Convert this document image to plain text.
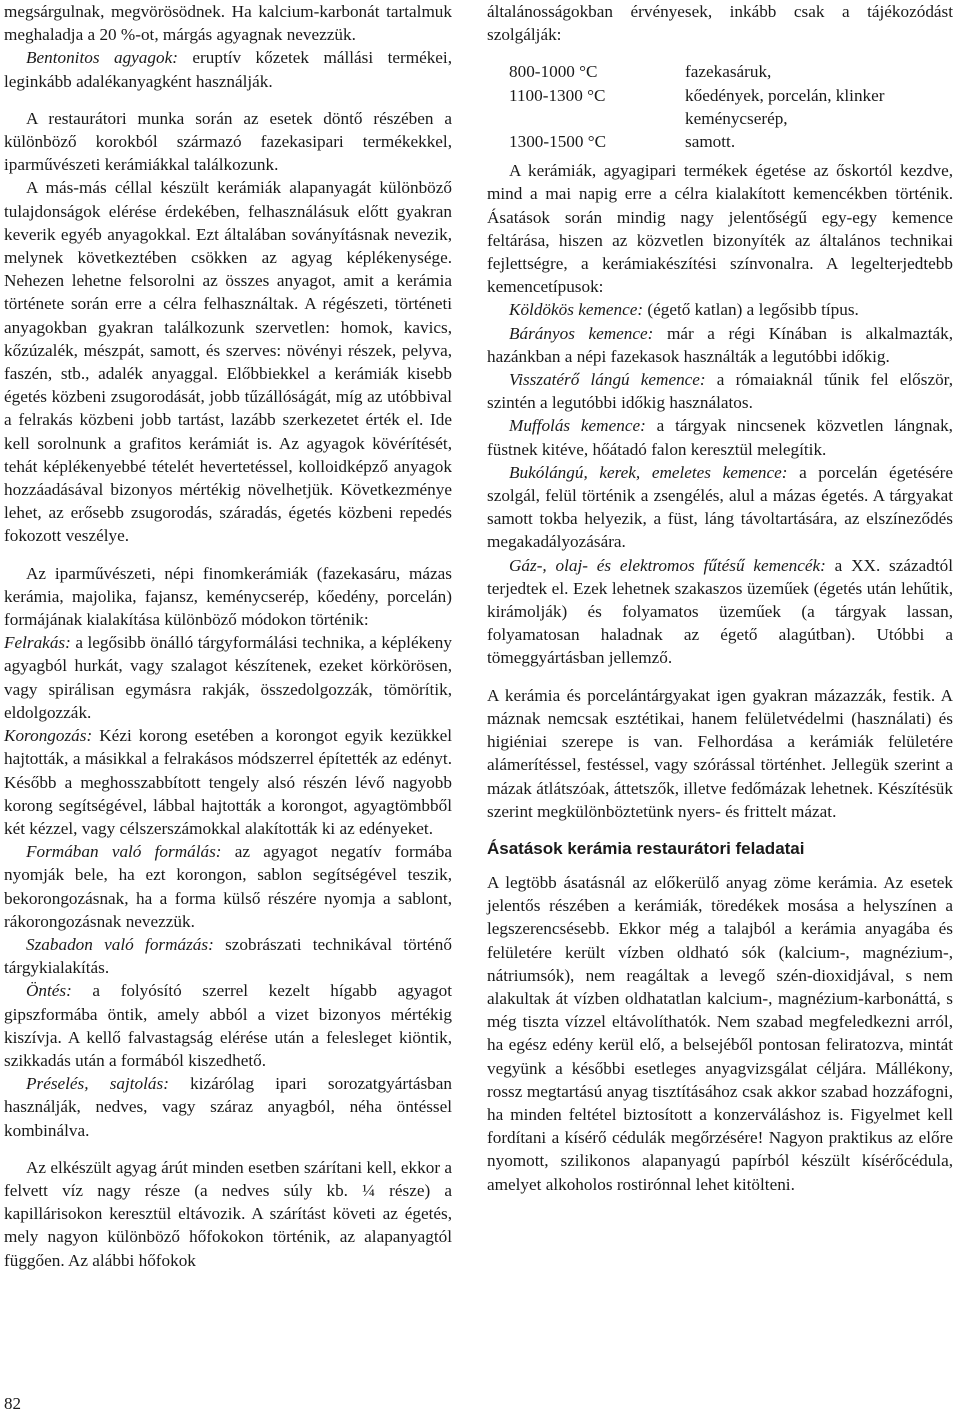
megsárgulnak, megvörösödnek. Ha kalcium-karbonát tartalmuk meghaladja a 20 %-ot, márgás agyagnak nevezzük.

Bentonitos agyagok: eruptív kőzetek mállási termékei, leginkább adalékanyagként használják.

A restaurátori munka során az esetek döntő részében a különböző korokból származó fazekasipari termékekkel, iparművészeti kerámiákkal találkozunk.

A más-más céllal készült kerámiák alapanyagát különböző tulajdonságok elérése érdekében, felhasználásuk előtt gyakran keverik egyéb anyagokkal. Ezt általában soványításnak nevezik, melynek következtében csökken az agyag képlékenysége. Nehezen lehetne felsorolni az összes anyagot, amit a kerámia története során erre a célra felhasználtak. A régészeti, történeti anyagokban gyakran találkozunk szervetlen: homok, kavics, kőzúzalék, mészpát, samott, és szerves: növényi részek, pelyva, faszén, stb., adalék anyaggal. Előbbiekkel a kerámiák kisebb égetés közbeni zsugorodását, jobb tűzállóságát, míg az utóbbival a felrakás közbeni jobb tartást, lazább szerkezetet érték el. Ide kell sorolnunk a grafitos kerámiát is. Az agyagok kövérítését, tehát képlékenyebbé tételét hevertetéssel, kolloidképző anyagok hozzáadásával bizonyos mértékig növelhetjük. Következménye lehet, az erősebb zsugorodás, száradás, égetés közbeni repedés fokozott veszélye.

Az iparművészeti, népi finomkerámiák (fazekasáru, mázas kerámia, majolika, fajansz, keménycserép, kőedény, porcelán) formájának kialakítása különböző módokon történik:

Felrakás: a legősibb önálló tárgyformálási technika, a képlékeny agyagból hurkát, vagy szalagot készítenek, ezeket körkörösen, vagy spirálisan egymásra rakják, összedolgozzák, tömörítik, eldolgozzák.

Korongozás: Kézi korong esetében a korongot egyik kezükkel hajtották, a másikkal a felrakásos módszerrel építették az edényt. Később a meghosszabbított tengely alsó részén lévő nagyobb korong segítségével, lábbal hajtották a korongot, agyagtömbből két kézzel, vagy célszerszámokkal alakították ki az edényeket.

Formában való formálás: az agyagot negatív formába nyomják bele, ha ezt korongon, sablon segítségével teszik, bekorongozásnak, ha a forma külső részére nyomja a sablont, rákorongozásnak nevezzük.

Szabadon való formázás: szobrászati technikával történő tárgykialakítás.

Öntés: a folyósító szerrel kezelt hígabb agyagot gipszformába öntik, amely abból a vizet bizonyos mértékig kiszívja. A kellő falvastagság elérése után a felesleget kiöntik, szikkadás után a formából kiszedhető.

Préselés, sajtolás: kizárólag ipari sorozatgyártásban használják, nedves, vagy száraz anyagból, néha öntéssel kombinálva.

Az elkészült agyag árút minden esetben szárítani kell, ekkor a felvett víz nagy része (a nedves súly kb. ¼ része) a kapillárisokon keresztül eltávozik. A szárítást követi az égetés, mely nagyon különböző hőfokokon történik, az alapanyagtól függően. Az alábbi hőfokok

általánosságokban érvényesek, inkább csak a tájékozódást szolgálják:

800-1000 °C	fazekasáruk,
1100-1300 °C	kőedények, porcelán, klinker
keménycserép,
1300-1500 °C	samott.

A kerámiák, agyagipari termékek égetése az őskortól kezdve, mind a mai napig erre a célra kialakított kemencékben történik. Ásatások során mindig nagy jelentőségű egy-egy kemence feltárása, hiszen az közvetlen bizonyíték az általános technikai fejlettségre, a kerámiakészítési színvonalra. A legelterjedtebb kemencetípusok:

Köldökös kemence: (égető katlan) a legősibb típus.

Bárányos kemence: már a régi Kínában is alkalmazták, hazánkban a népi fazekasok használták a legutóbbi időkig.

Visszatérő lángú kemence: a rómaiaknál tűnik fel először, szintén a legutóbbi időkig használatos.

Muffolás kemence: a tárgyak nincsenek közvetlen lángnak, füstnek kitéve, hőátadó falon keresztül melegítik.

Bukólángú, kerek, emeletes kemence: a porcelán égetésére szolgál, felül történik a zsengélés, alul a mázas égetés. A tárgyakat samott tokba helyezik, a füst, láng távoltartására, az elszíneződés megakadályozására.

Gáz-, olaj- és elektromos fűtésű kemencék: a XX. századtól terjedtek el. Ezek lehetnek szakaszos üzeműek (égetés után lehűtik, kirámolják) és folyamatos üzeműek (a tárgyak lassan, folyamatosan haladnak az égető alagútban). Utóbbi a tömeggyártásban jellemző.

A kerámia és porcelántárgyakat igen gyakran mázazzák, festik. A máznak nemcsak esztétikai, hanem felületvédelmi (használati) és higiéniai szerepe is van. Felhordása a kerámiák felületére alámerítéssel, festéssel, vagy szórással történhet. Jellegük szerint a mázak átlátszóak, áttetszők, illetve fedőmázak lehetnek. Készítésük szerint megkülönböztetünk nyers- és frittelt mázat.

Ásatások kerámia restaurátori feladatai

A legtöbb ásatásnál az előkerülő anyag zöme kerámia. Az esetek jelentős részében a kerámiák, töredékek mosása a helyszínen a legszerencsésebb. Ekkor még a talajból a kerámia anyagába és felületére került vízben oldható sók (kalcium-, magnézium-, nátriumsók), nem reagáltak a levegő szén-dioxidjával, s nem alakultak át vízben oldhatatlan kalcium-, magnézium-karbonáttá, s még tiszta vízzel eltávolíthatók. Nem szabad megfeledkezni arról, ha egész edény kerül elő, a belsejéből pontosan feliratozva, mintát vegyünk a későbbi esetleges anyagvizsgálat céljára. Mállékony, rossz megtartású anyag tisztításához csak akkor szabad hozzáfogni, ha minden feltétel biztosított a konzerváláshoz is. Figyelmet kell fordítani a kísérő cédulák megőrzésére! Nagyon praktikus az előre nyomott, szilikonos alapanyagú papírból készült kísérőcédula, amelyet alkoholos rostirónnal lehet kitölteni.

82
